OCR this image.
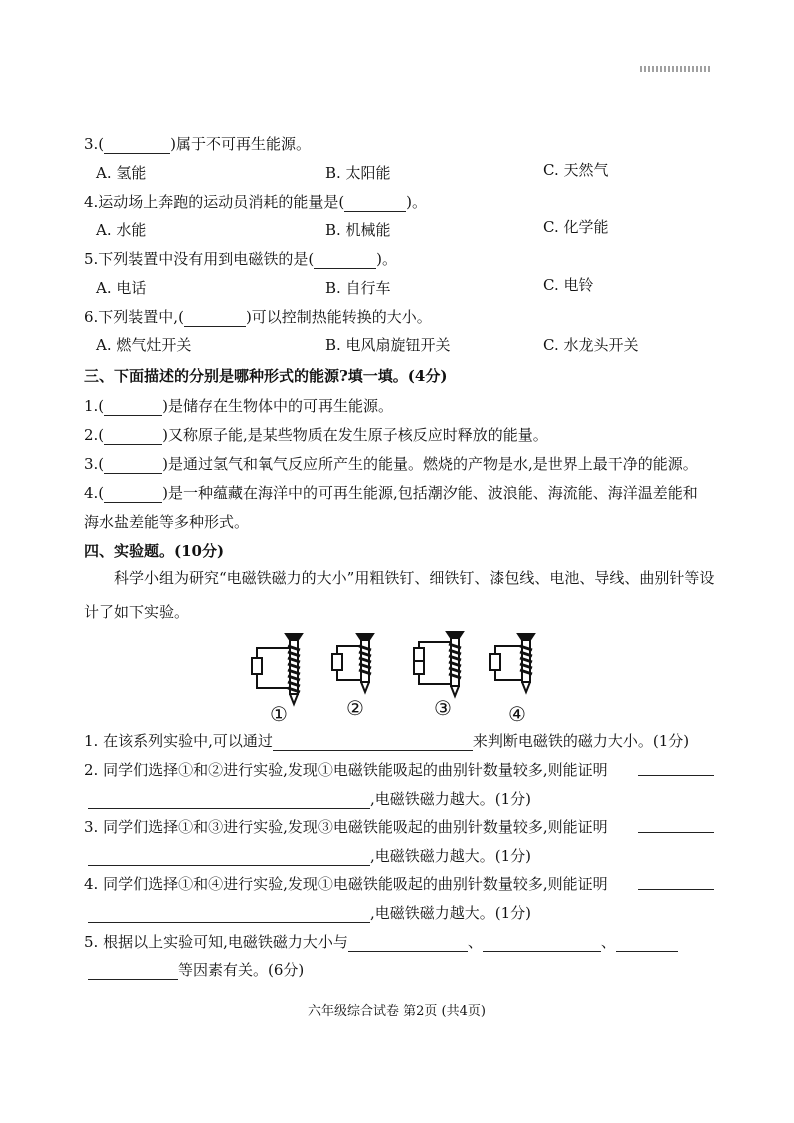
3.(	)属于不可再生能源。
A. 氢能	B. 太阳能	C. 天然气
4.运动场上奔跑的运动员消耗的能量是(	)。
A. 水能	B. 机械能	C. 化学能
5.下列装置中没有用到电磁铁的是(	)。
A. 电话	B. 自行车	C. 电铃
6.下列装置中,(	)可以控制热能转换的大小。
A. 燃气灶开关	B. 电风扇旋钮开关	C. 水龙头开关
三、下面描述的分别是哪种形式的能源?填一填。(4分)
1.(	)是储存在生物体中的可再生能源。
2.(	)又称原子能,是某些物质在发生原子核反应时释放的能量。
3.(	)是通过氢气和氧气反应所产生的能量。燃烧的产物是水,是世界上最干净的能源。
4.(	)是一种蕴藏在海洋中的可再生能源,包括潮汐能、波浪能、海流能、海洋温差能和
海水盐差能等多种形式。
四、实验题。(10分)
科学小组为研究“电磁铁磁力的大小”用粗铁钉、细铁钉、漆包线、电池、导线、曲别针等设计了如下实验。
①	②	③	④
1. 在该系列实验中,可以通过	来判断电磁铁的磁力大小。(1分)
2. 同学们选择①和②进行实验,发现①电磁铁能吸起的曲别针数量较多,则能证明
,电磁铁磁力越大。(1分)
3. 同学们选择①和③进行实验,发现③电磁铁能吸起的曲别针数量较多,则能证明
,电磁铁磁力越大。(1分)
4. 同学们选择①和④进行实验,发现①电磁铁能吸起的曲别针数量较多,则能证明
,电磁铁磁力越大。(1分)
5. 根据以上实验可知,电磁铁磁力大小与	、	、
等因素有关。(6分)
六年级综合试卷 第2页 (共4页)
